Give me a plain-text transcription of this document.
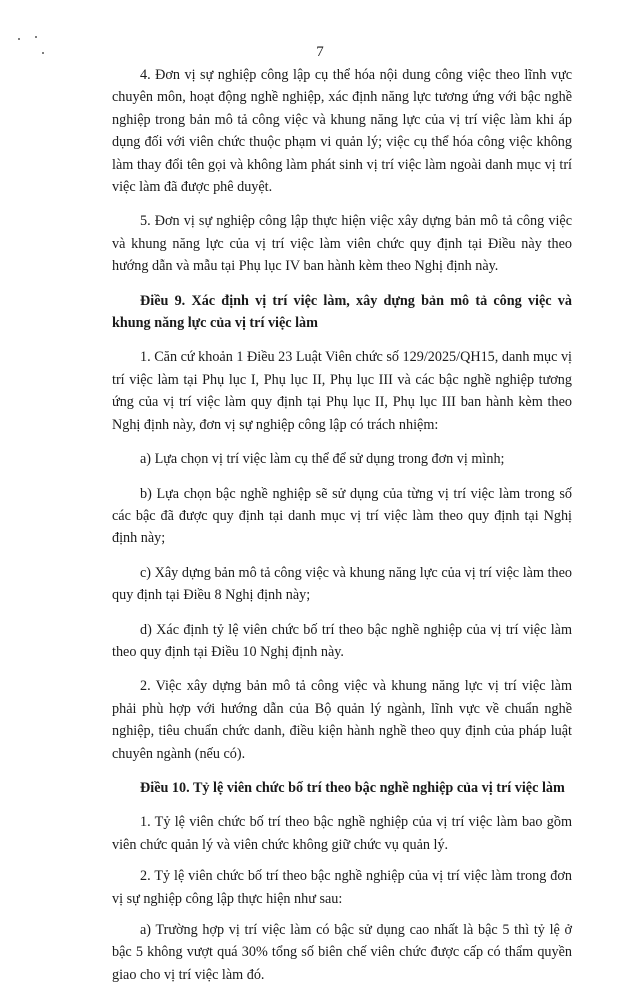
7

4. Đơn vị sự nghiệp công lập cụ thể hóa nội dung công việc theo lĩnh vực chuyên môn, hoạt động nghề nghiệp, xác định năng lực tương ứng với bậc nghề nghiệp trong bản mô tả công việc và khung năng lực của vị trí việc làm khi áp dụng đối với viên chức thuộc phạm vi quản lý; việc cụ thể hóa công việc không làm thay đổi tên gọi và không làm phát sinh vị trí việc làm ngoài danh mục vị trí việc làm đã được phê duyệt.

5. Đơn vị sự nghiệp công lập thực hiện việc xây dựng bản mô tả công việc và khung năng lực của vị trí việc làm viên chức quy định tại Điều này theo hướng dẫn và mẫu tại Phụ lục IV ban hành kèm theo Nghị định này.

Điều 9. Xác định vị trí việc làm, xây dựng bản mô tả công việc và khung năng lực của vị trí việc làm

1. Căn cứ khoản 1 Điều 23 Luật Viên chức số 129/2025/QH15, danh mục vị trí việc làm tại Phụ lục I, Phụ lục II, Phụ lục III và các bậc nghề nghiệp tương ứng của vị trí việc làm quy định tại Phụ lục II, Phụ lục III ban hành kèm theo Nghị định này, đơn vị sự nghiệp công lập có trách nhiệm:

a) Lựa chọn vị trí việc làm cụ thể để sử dụng trong đơn vị mình;

b) Lựa chọn bậc nghề nghiệp sẽ sử dụng của từng vị trí việc làm trong số các bậc đã được quy định tại danh mục vị trí việc làm theo quy định tại Nghị định này;

c) Xây dựng bản mô tả công việc và khung năng lực của vị trí việc làm theo quy định tại Điều 8 Nghị định này;

d) Xác định tỷ lệ viên chức bố trí theo bậc nghề nghiệp của vị trí việc làm theo quy định tại Điều 10 Nghị định này.

2. Việc xây dựng bản mô tả công việc và khung năng lực vị trí việc làm phải phù hợp với hướng dẫn của Bộ quản lý ngành, lĩnh vực về chuẩn nghề nghiệp, tiêu chuẩn chức danh, điều kiện hành nghề theo quy định của pháp luật chuyên ngành (nếu có).

Điều 10. Tỷ lệ viên chức bố trí theo bậc nghề nghiệp của vị trí việc làm

1. Tỷ lệ viên chức bố trí theo bậc nghề nghiệp của vị trí việc làm bao gồm viên chức quản lý và viên chức không giữ chức vụ quản lý.

2. Tỷ lệ viên chức bố trí theo bậc nghề nghiệp của vị trí việc làm trong đơn vị sự nghiệp công lập thực hiện như sau:

a) Trường hợp vị trí việc làm có bậc sử dụng cao nhất là bậc 5 thì tỷ lệ ở bậc 5 không vượt quá 30% tổng số biên chế viên chức được cấp có thẩm quyền giao cho vị trí việc làm đó.
